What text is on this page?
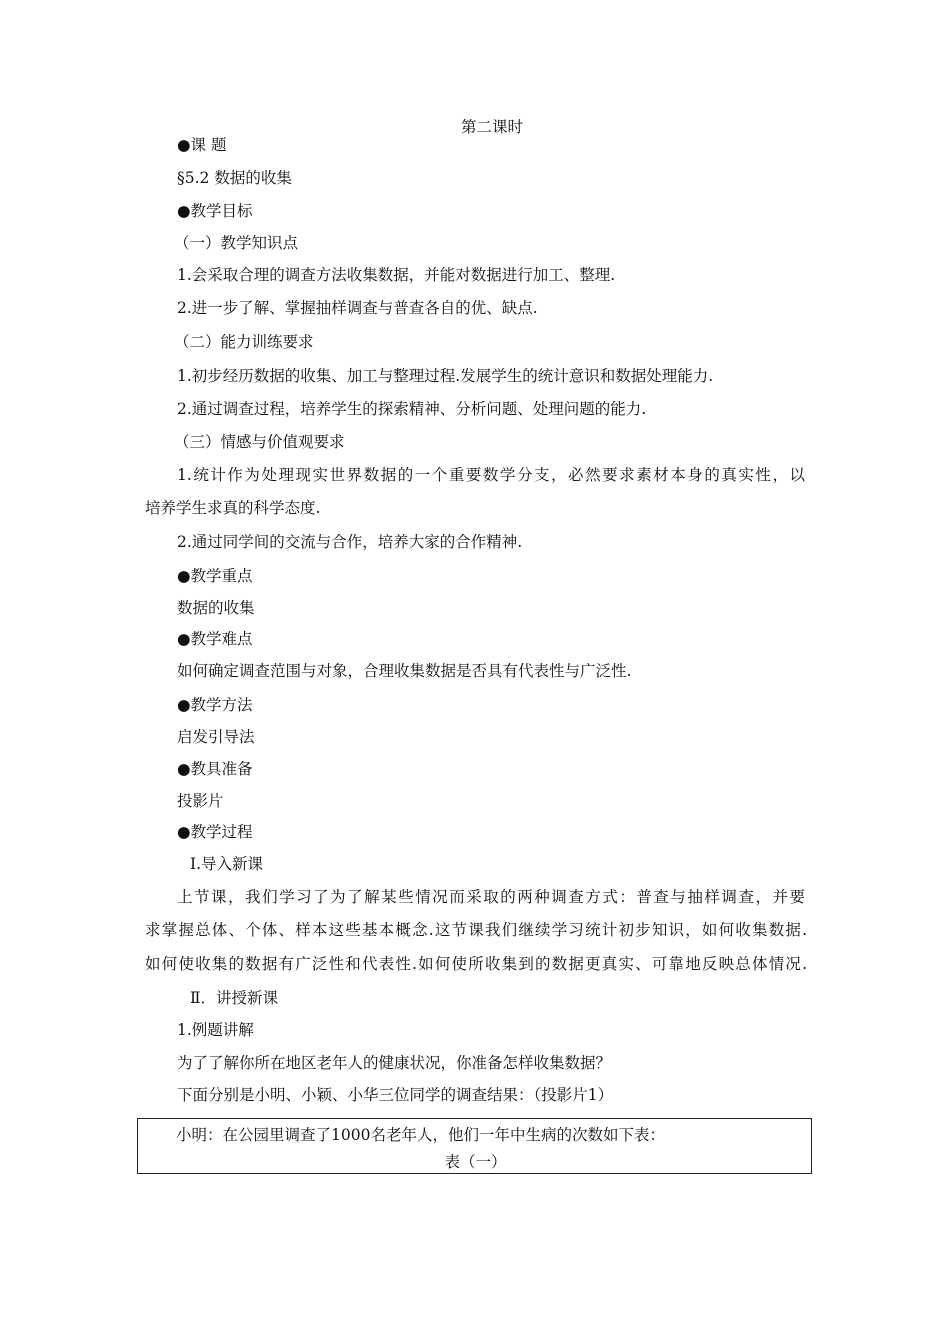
第二课时
●课 题
§5.2 数据的收集
●教学目标
（一）教学知识点
1.会采取合理的调查方法收集数据，并能对数据进行加工、整理.
2.进一步了解、掌握抽样调查与普查各自的优、缺点.
（二）能力训练要求
1.初步经历数据的收集、加工与整理过程.发展学生的统计意识和数据处理能力.
2.通过调查过程，培养学生的探索精神、分析问题、处理问题的能力.
（三）情感与价值观要求
1.统计作为处理现实世界数据的一个重要数学分支，必然要求素材本身的真实性，以
培养学生求真的科学态度.
2.通过同学间的交流与合作，培养大家的合作精神.
●教学重点
数据的收集
●教学难点
如何确定调查范围与对象，合理收集数据是否具有代表性与广泛性.
●教学方法
启发引导法
●教具准备
投影片
●教学过程
Ⅰ.导入新课
上节课，我们学习了为了解某些情况而采取的两种调查方式：普查与抽样调查，并要
求掌握总体、个体、样本这些基本概念.这节课我们继续学习统计初步知识，如何收集数据.
如何使收集的数据有广泛性和代表性.如何使所收集到的数据更真实、可靠地反映总体情况.
Ⅱ．讲授新课
1.例题讲解
为了了解你所在地区老年人的健康状况，你准备怎样收集数据？
下面分别是小明、小颖、小华三位同学的调查结果：（投影片1）
小明：在公园里调查了1000名老年人，他们一年中生病的次数如下表：
表（一）
